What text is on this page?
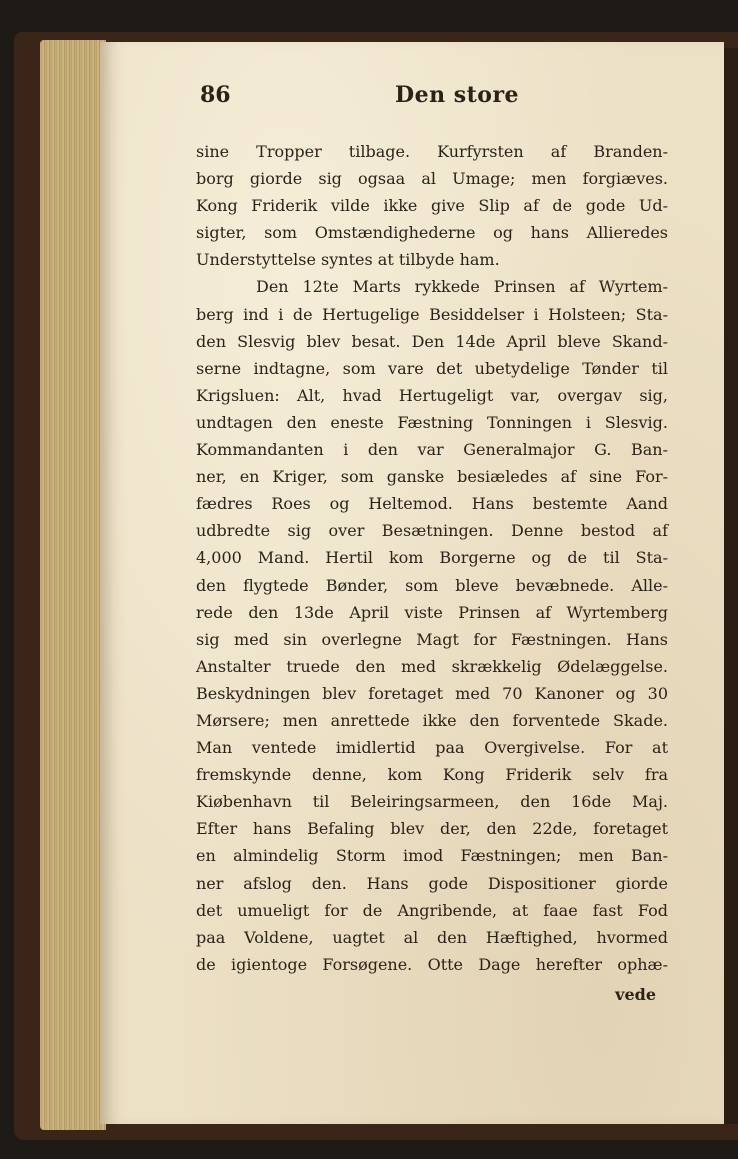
86	Den store
sine Tropper tilbage. Kurfyrsten af Branden-
borg giorde sig ogsaa al Umage; men forgiæves.
Kong Friderik vilde ikke give Slip af de gode Ud-
sigter, som Omstændighederne og hans Allieredes
Understyttelse syntes at tilbyde ham.
Den 12te Marts rykkede Prinsen af Wyrtem-
berg ind i de Hertugelige Besiddelser i Holsteen; Sta-
den Slesvig blev besat. Den 14de April bleve Skand-
serne indtagne, som vare det ubetydelige Tønder til
Krigsluen: Alt, hvad Hertugeligt var, overgav sig,
undtagen den eneste Fæstning Tonningen i Slesvig.
Kommandanten i den var Generalmajor G. Ban-
ner, en Kriger, som ganske besiæledes af sine For-
fædres Roes og Heltemod. Hans bestemte Aand
udbredte sig over Besætningen. Denne bestod af
4,000 Mand. Hertil kom Borgerne og de til Sta-
den flygtede Bønder, som bleve bevæbnede. Alle-
rede den 13de April viste Prinsen af Wyrtemberg
sig med sin overlegne Magt for Fæstningen. Hans
Anstalter truede den med skrækkelig Ødelæggelse.
Beskydningen blev foretaget med 70 Kanoner og 30
Mørsere; men anrettede ikke den forventede Skade.
Man ventede imidlertid paa Overgivelse. For at
fremskynde denne, kom Kong Friderik selv fra
Kiøbenhavn til Beleiringsarmeen, den 16de Maj.
Efter hans Befaling blev der, den 22de, foretaget
en almindelig Storm imod Fæstningen; men Ban-
ner afslog den. Hans gode Dispositioner giorde
det umueligt for de Angribende, at faae fast Fod
paa Voldene, uagtet al den Hæftighed, hvormed
de igientoge Forsøgene. Otte Dage herefter ophæ-
vede
